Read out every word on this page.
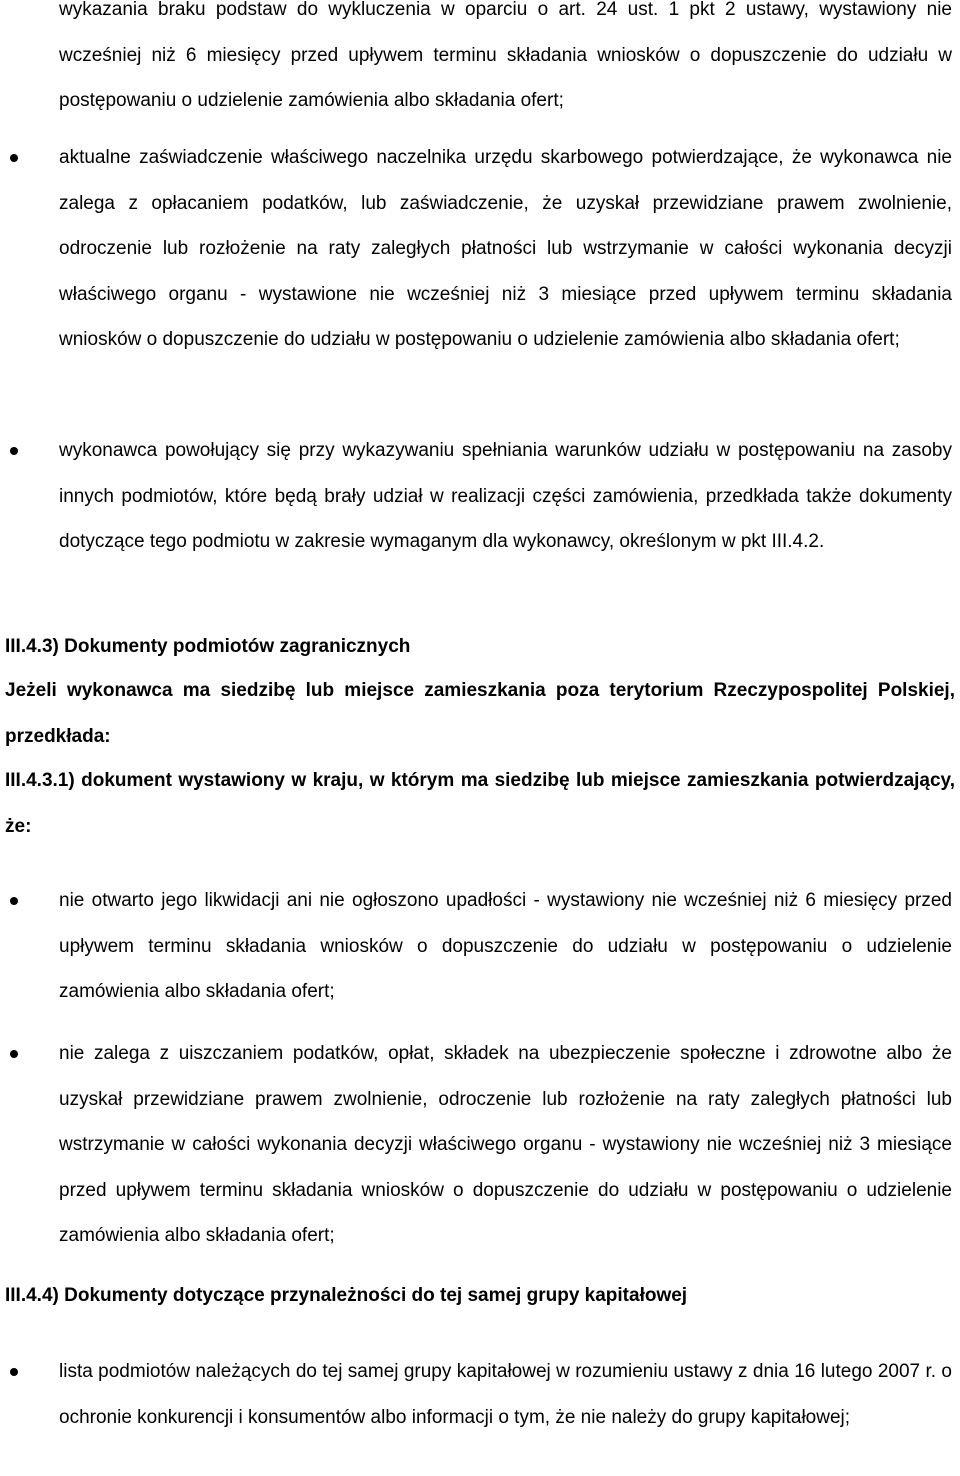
wykazania braku podstaw do wykluczenia w oparciu o art. 24 ust. 1 pkt 2 ustawy, wystawiony nie wcześniej niż 6 miesięcy przed upływem terminu składania wniosków o dopuszczenie do udziału w postępowaniu o udzielenie zamówienia albo składania ofert;

aktualne zaświadczenie właściwego naczelnika urzędu skarbowego potwierdzające, że wykonawca nie zalega z opłacaniem podatków, lub zaświadczenie, że uzyskał przewidziane prawem zwolnienie, odroczenie lub rozłożenie na raty zaległych płatności lub wstrzymanie w całości wykonania decyzji właściwego organu - wystawione nie wcześniej niż 3 miesiące przed upływem terminu składania wniosków o dopuszczenie do udziału w postępowaniu o udzielenie zamówienia albo składania ofert;

wykonawca powołujący się przy wykazywaniu spełniania warunków udziału w postępowaniu na zasoby innych podmiotów, które będą brały udział w realizacji części zamówienia, przedkłada także dokumenty dotyczące tego podmiotu w zakresie wymaganym dla wykonawcy, określonym w pkt III.4.2.

III.4.3) Dokumenty podmiotów zagranicznych

Jeżeli wykonawca ma siedzibę lub miejsce zamieszkania poza terytorium Rzeczypospolitej Polskiej, przedkłada:

III.4.3.1) dokument wystawiony w kraju, w którym ma siedzibę lub miejsce zamieszkania potwierdzający, że:

nie otwarto jego likwidacji ani nie ogłoszono upadłości - wystawiony nie wcześniej niż 6 miesięcy przed upływem terminu składania wniosków o dopuszczenie do udziału w postępowaniu o udzielenie zamówienia albo składania ofert;

nie zalega z uiszczaniem podatków, opłat, składek na ubezpieczenie społeczne i zdrowotne albo że uzyskał przewidziane prawem zwolnienie, odroczenie lub rozłożenie na raty zaległych płatności lub wstrzymanie w całości wykonania decyzji właściwego organu - wystawiony nie wcześniej niż 3 miesiące przed upływem terminu składania wniosków o dopuszczenie do udziału w postępowaniu o udzielenie zamówienia albo składania ofert;

III.4.4) Dokumenty dotyczące przynależności do tej samej grupy kapitałowej

lista podmiotów należących do tej samej grupy kapitałowej w rozumieniu ustawy z dnia 16 lutego 2007 r. o ochronie konkurencji i konsumentów albo informacji o tym, że nie należy do grupy kapitałowej;
